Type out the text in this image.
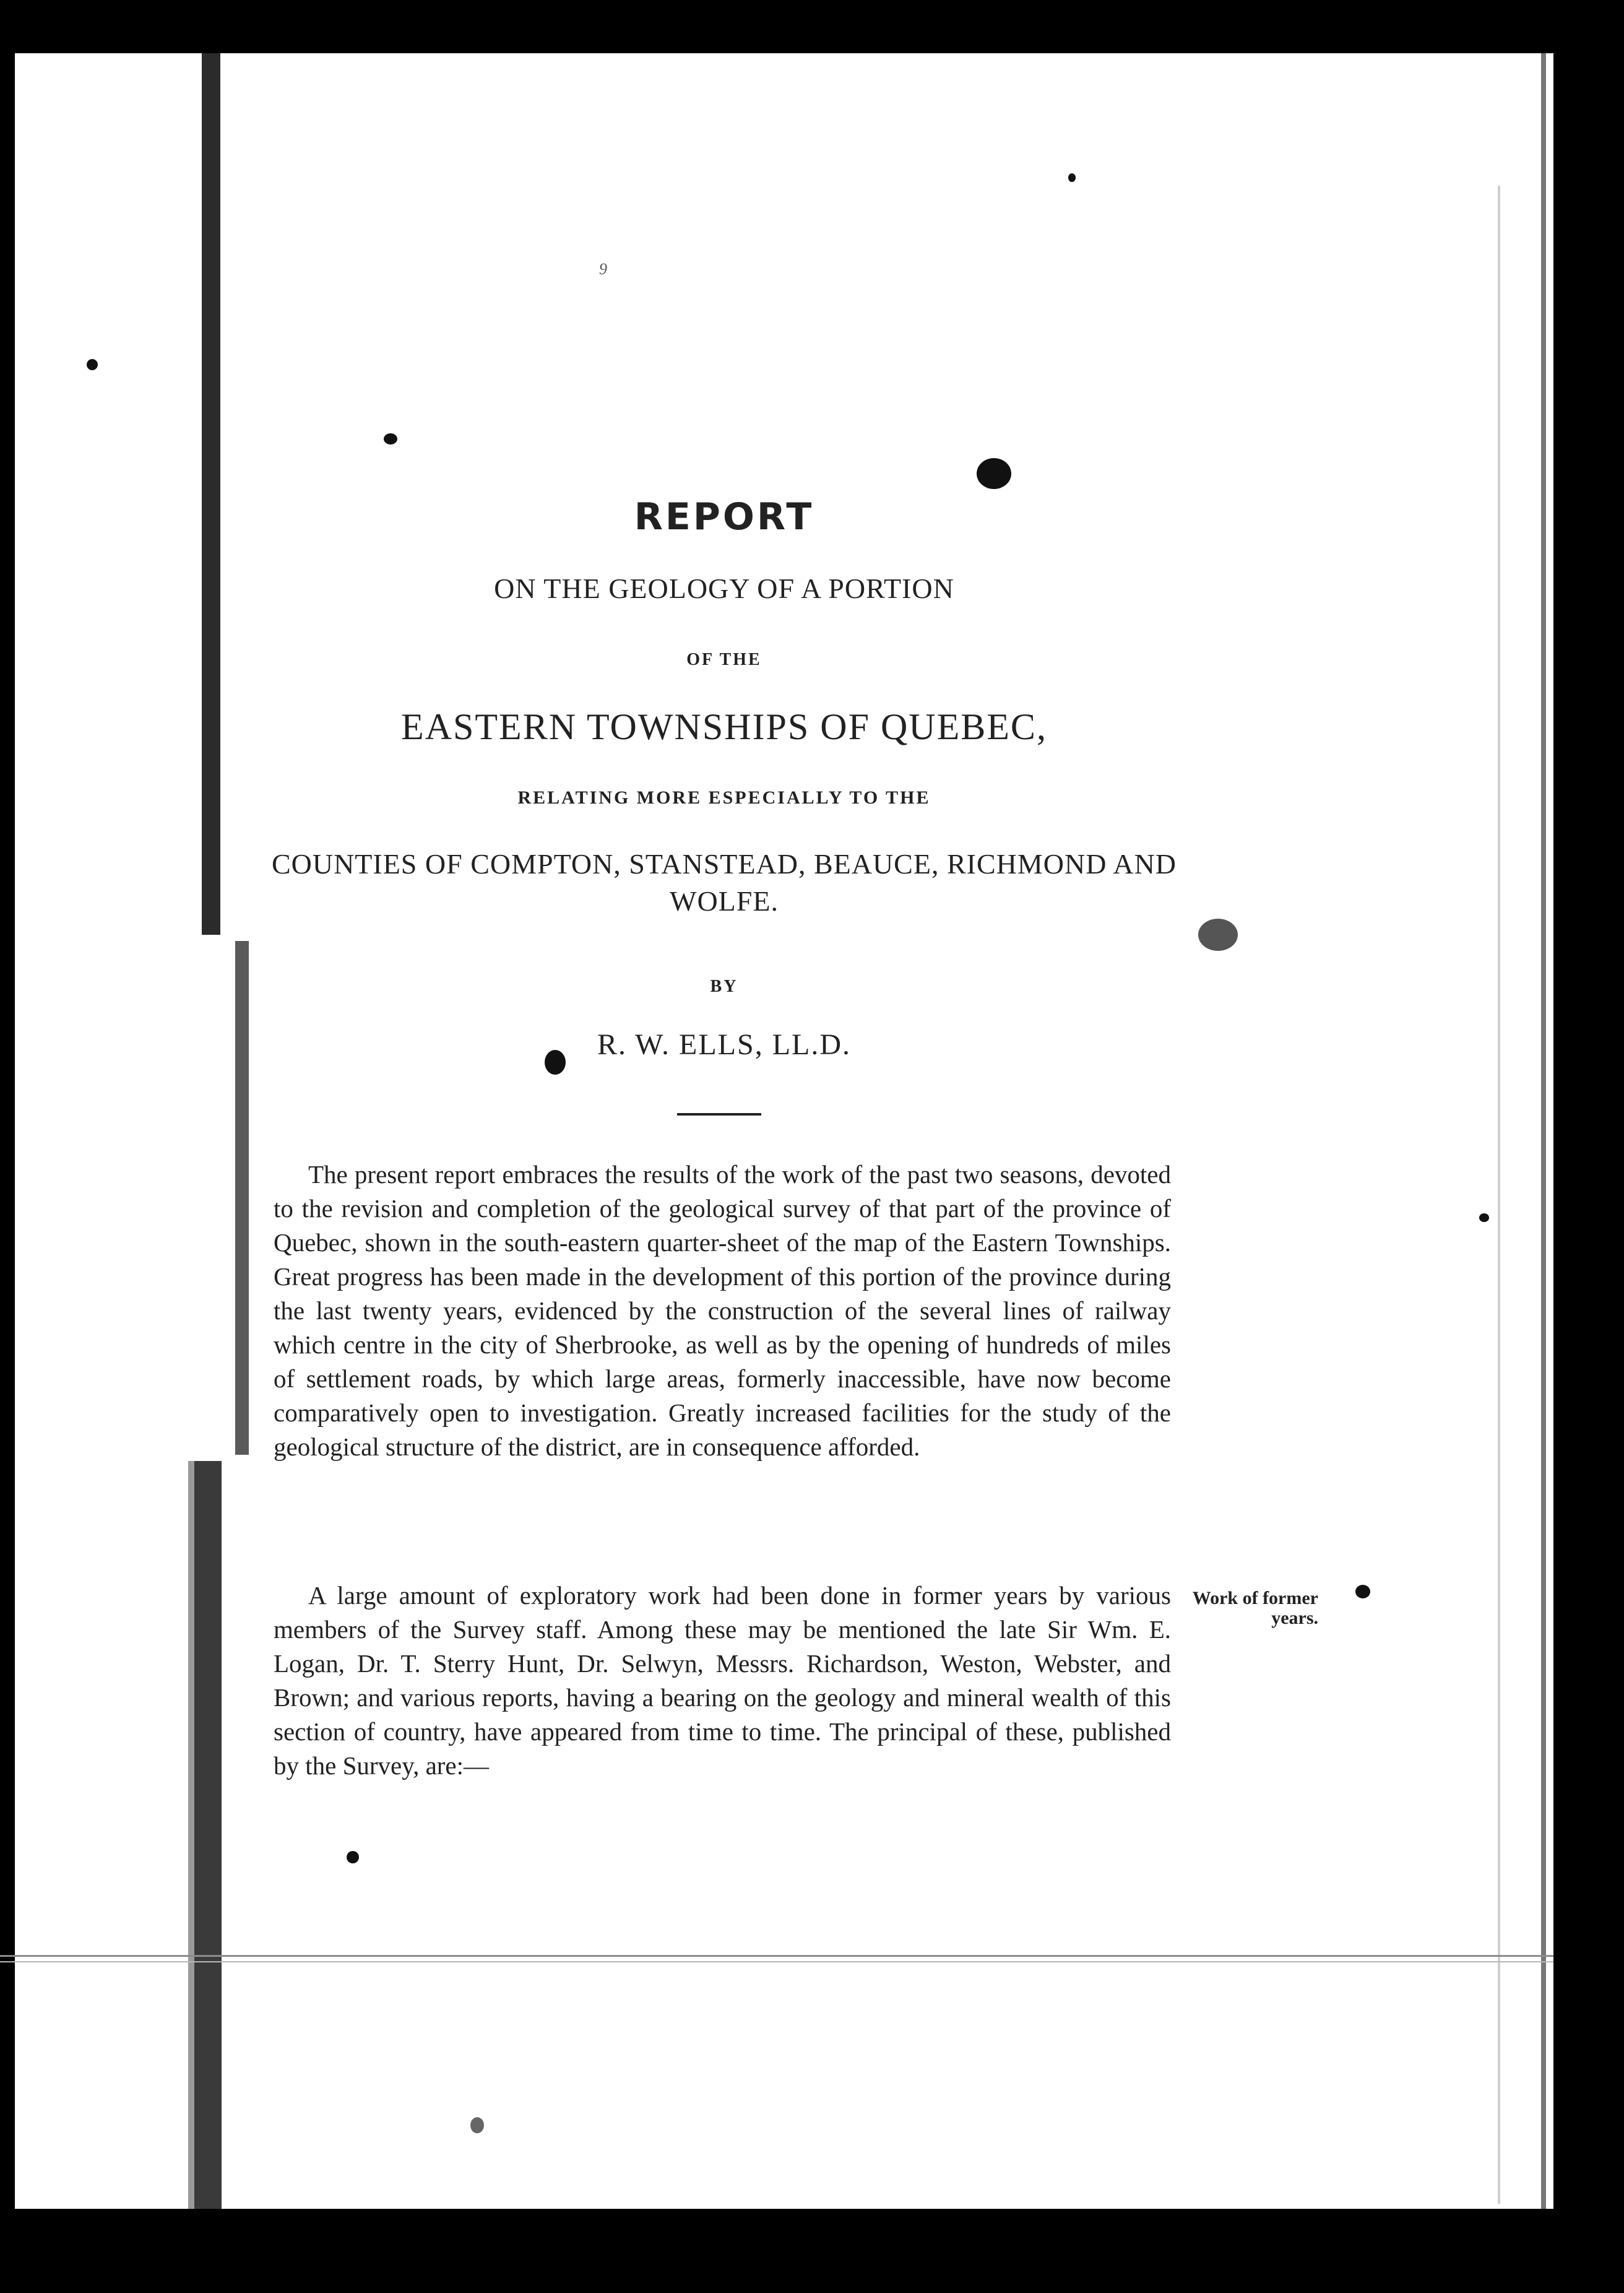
9
REPORT
ON THE GEOLOGY OF A PORTION
OF THE
EASTERN TOWNSHIPS OF QUEBEC,
RELATING MORE ESPECIALLY TO THE
COUNTIES OF COMPTON, STANSTEAD, BEAUCE, RICHMOND AND WOLFE.
BY
R. W. ELLS, LL.D.
The present report embraces the results of the work of the past two seasons, devoted to the revision and completion of the geological survey of that part of the province of Quebec, shown in the south-eastern quarter-sheet of the map of the Eastern Townships. Great progress has been made in the development of this portion of the province during the last twenty years, evidenced by the construction of the several lines of railway which centre in the city of Sherbrooke, as well as by the opening of hundreds of miles of settlement roads, by which large areas, formerly inaccessible, have now become comparatively open to investigation. Greatly increased facilities for the study of the geological structure of the district, are in consequence afforded.
A large amount of exploratory work had been done in former years by various members of the Survey staff. Among these may be mentioned the late Sir Wm. E. Logan, Dr. T. Sterry Hunt, Dr. Selwyn, Messrs. Richardson, Weston, Webster, and Brown; and various reports, having a bearing on the geology and mineral wealth of this section of country, have appeared from time to time. The principal of these, published by the Survey, are:—
Work of former years.
